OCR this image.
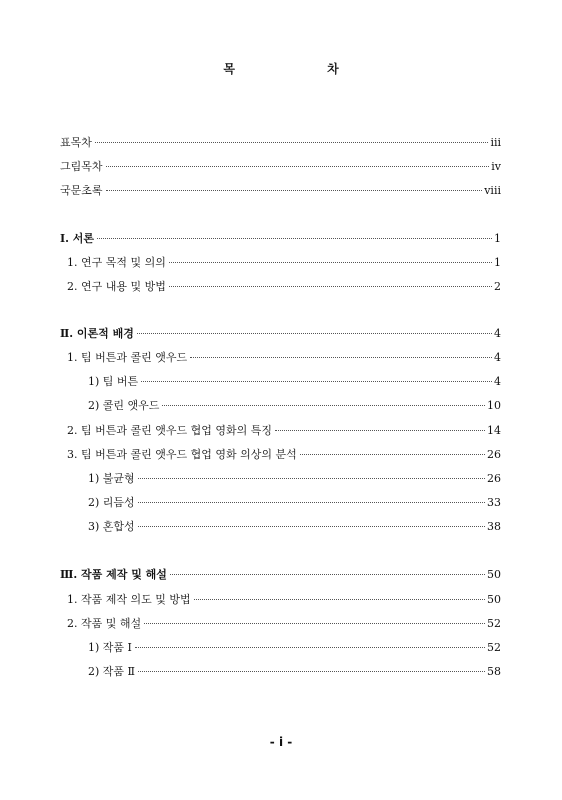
목 차
표목차	iii
그림목차	iv
국문초록	viii
Ⅰ. 서론	1
1. 연구 목적 및 의의	1
2. 연구 내용 및 방법	2
Ⅱ. 이론적 배경	4
1. 팀 버튼과 콜린 앳우드	4
1) 팀 버튼	4
2) 콜린 앳우드	10
2. 팀 버튼과 콜린 앳우드 협업 영화의 특징	14
3. 팀 버튼과 콜린 앳우드 협업 영화 의상의 분석	26
1) 불균형	26
2) 리듬성	33
3) 혼합성	38
Ⅲ. 작품 제작 및 해설	50
1. 작품 제작 의도 및 방법	50
2. 작품 및 해설	52
1) 작품 Ⅰ	52
2) 작품 Ⅱ	58
- i -
